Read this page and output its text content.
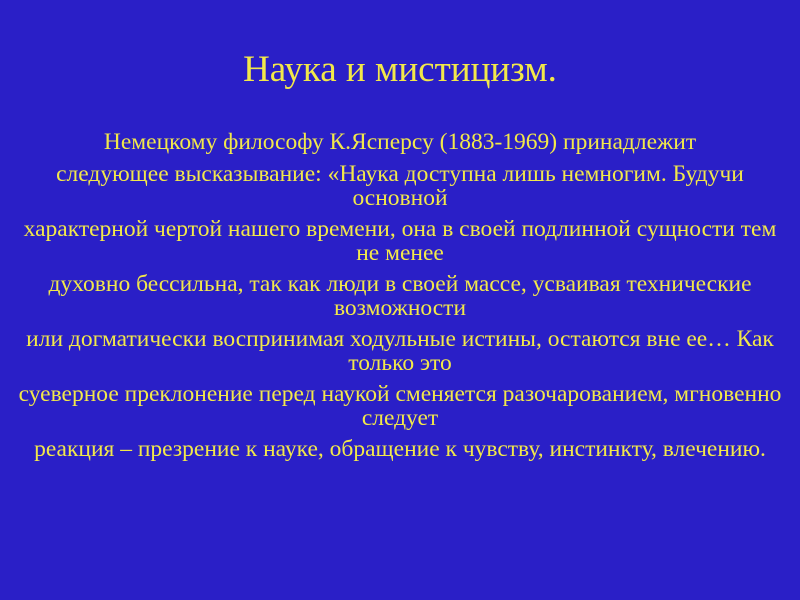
Наука и мистицизм.

Немецкому философу К.Ясперсу (1883-1969) принадлежит

следующее высказывание: «Наука доступна лишь немногим. Будучи основной

характерной чертой нашего времени, она в своей подлинной сущности тем не менее

духовно бессильна, так как люди в своей массе, усваивая технические возможности

или догматически воспринимая ходульные истины, остаются вне ее… Как только это

суеверное преклонение перед наукой сменяется разочарованием, мгновенно следует

реакция – презрение к науке, обращение к чувству, инстинкту, влечению.
